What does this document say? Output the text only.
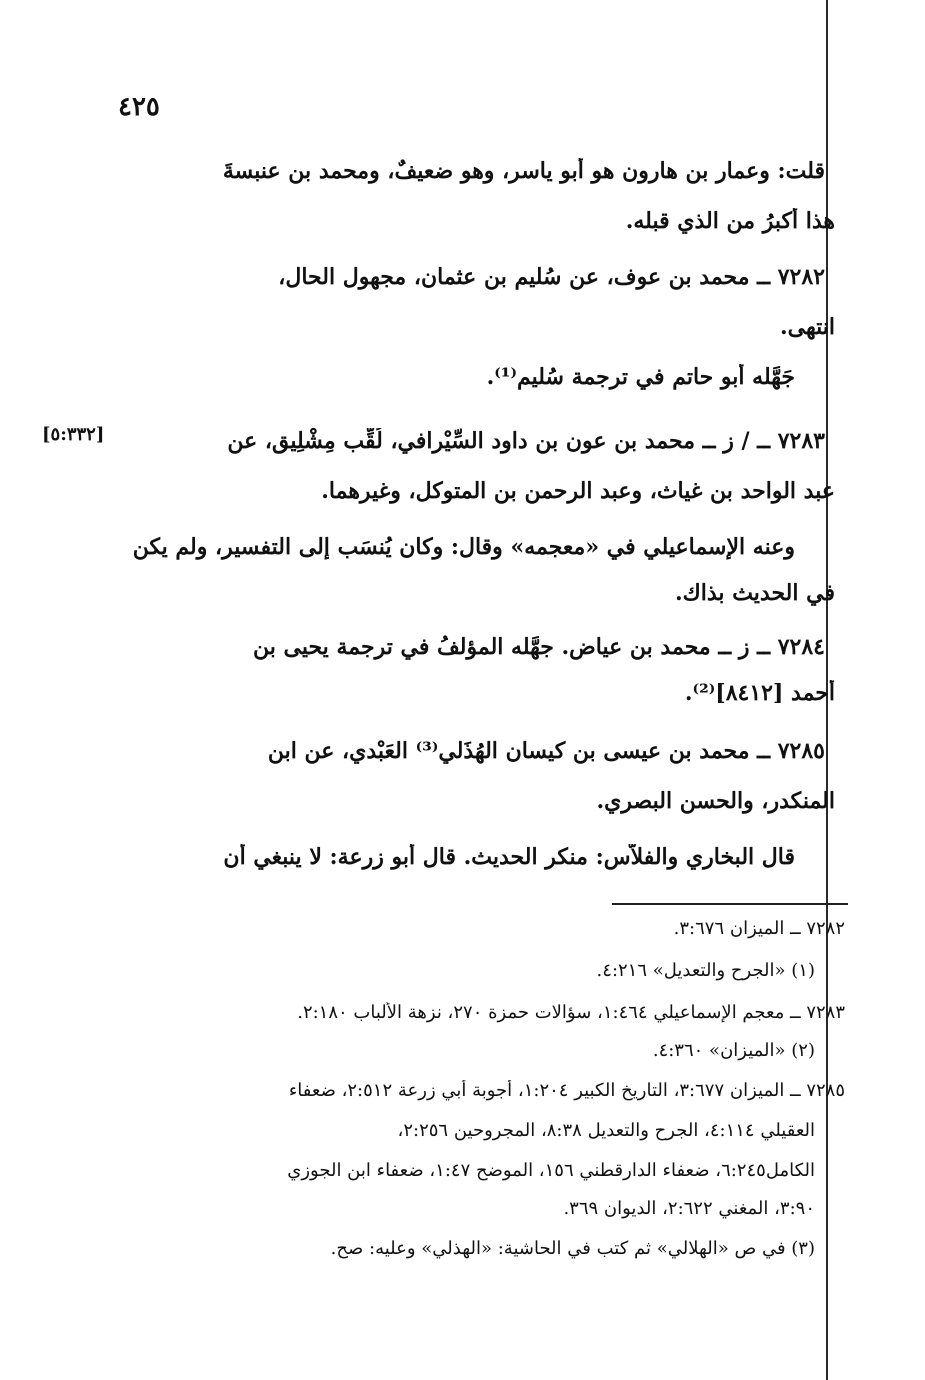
٤٢٥
قلت: وعمار بن هارون هو أبو ياسر، وهو ضعيفٌ، ومحمد بن عنبسةَ
هذا أكبرُ من الذي قبله.
٧٢٨٢ ــ محمد بن عوف، عن سُليم بن عثمان، مجهول الحال،
انتهى.
جَهَّله أبو حاتم في ترجمة سُليم⁽¹⁾.
[٥:٣٣٢]	٧٢٨٣ ــ / ز ــ محمد بن عون بن داود السِّيْرافي، لُقِّب مِشْلِيق، عن
عبد الواحد بن غياث، وعبد الرحمن بن المتوكل، وغيرهما.
وعنه الإسماعيلي في «معجمه» وقال: وكان يُنسَب إلى التفسير، ولم يكن
في الحديث بذاك.
٧٢٨٤ ــ ز ــ محمد بن عياض. جهَّله المؤلفُ في ترجمة يحيى بن
أحمد [٨٤١٢]⁽²⁾.
٧٢٨٥ ــ محمد بن عيسى بن كيسان الهُذَلي⁽³⁾ العَبْدي، عن ابن
المنكدر، والحسن البصري.
قال البخاري والفلاَّس: منكر الحديث. قال أبو زرعة: لا ينبغي أن
٧٢٨٢ ــ الميزان ٣:٦٧٦.
(١) «الجرح والتعديل» ٤:٢١٦.
٧٢٨٣ ــ معجم الإسماعيلي ١:٤٦٤، سؤالات حمزة ٢٧٠، نزهة الألباب ٢:١٨٠.
(٢) «الميزان» ٤:٣٦٠.
٧٢٨٥ ــ الميزان ٣:٦٧٧، التاريخ الكبير ١:٢٠٤، أجوبة أبي زرعة ٢:٥١٢، ضعفاء
العقيلي ٤:١١٤، الجرح والتعديل ٨:٣٨، المجروحين ٢:٢٥٦،
الكامل٦:٢٤٥، ضعفاء الدارقطني ١٥٦، الموضح ١:٤٧، ضعفاء ابن الجوزي
٣:٩٠، المغني ٢:٦٢٢، الديوان ٣٦٩.
(٣) في ص «الهلالي» ثم كتب في الحاشية: «الهذلي» وعليه: صح.
